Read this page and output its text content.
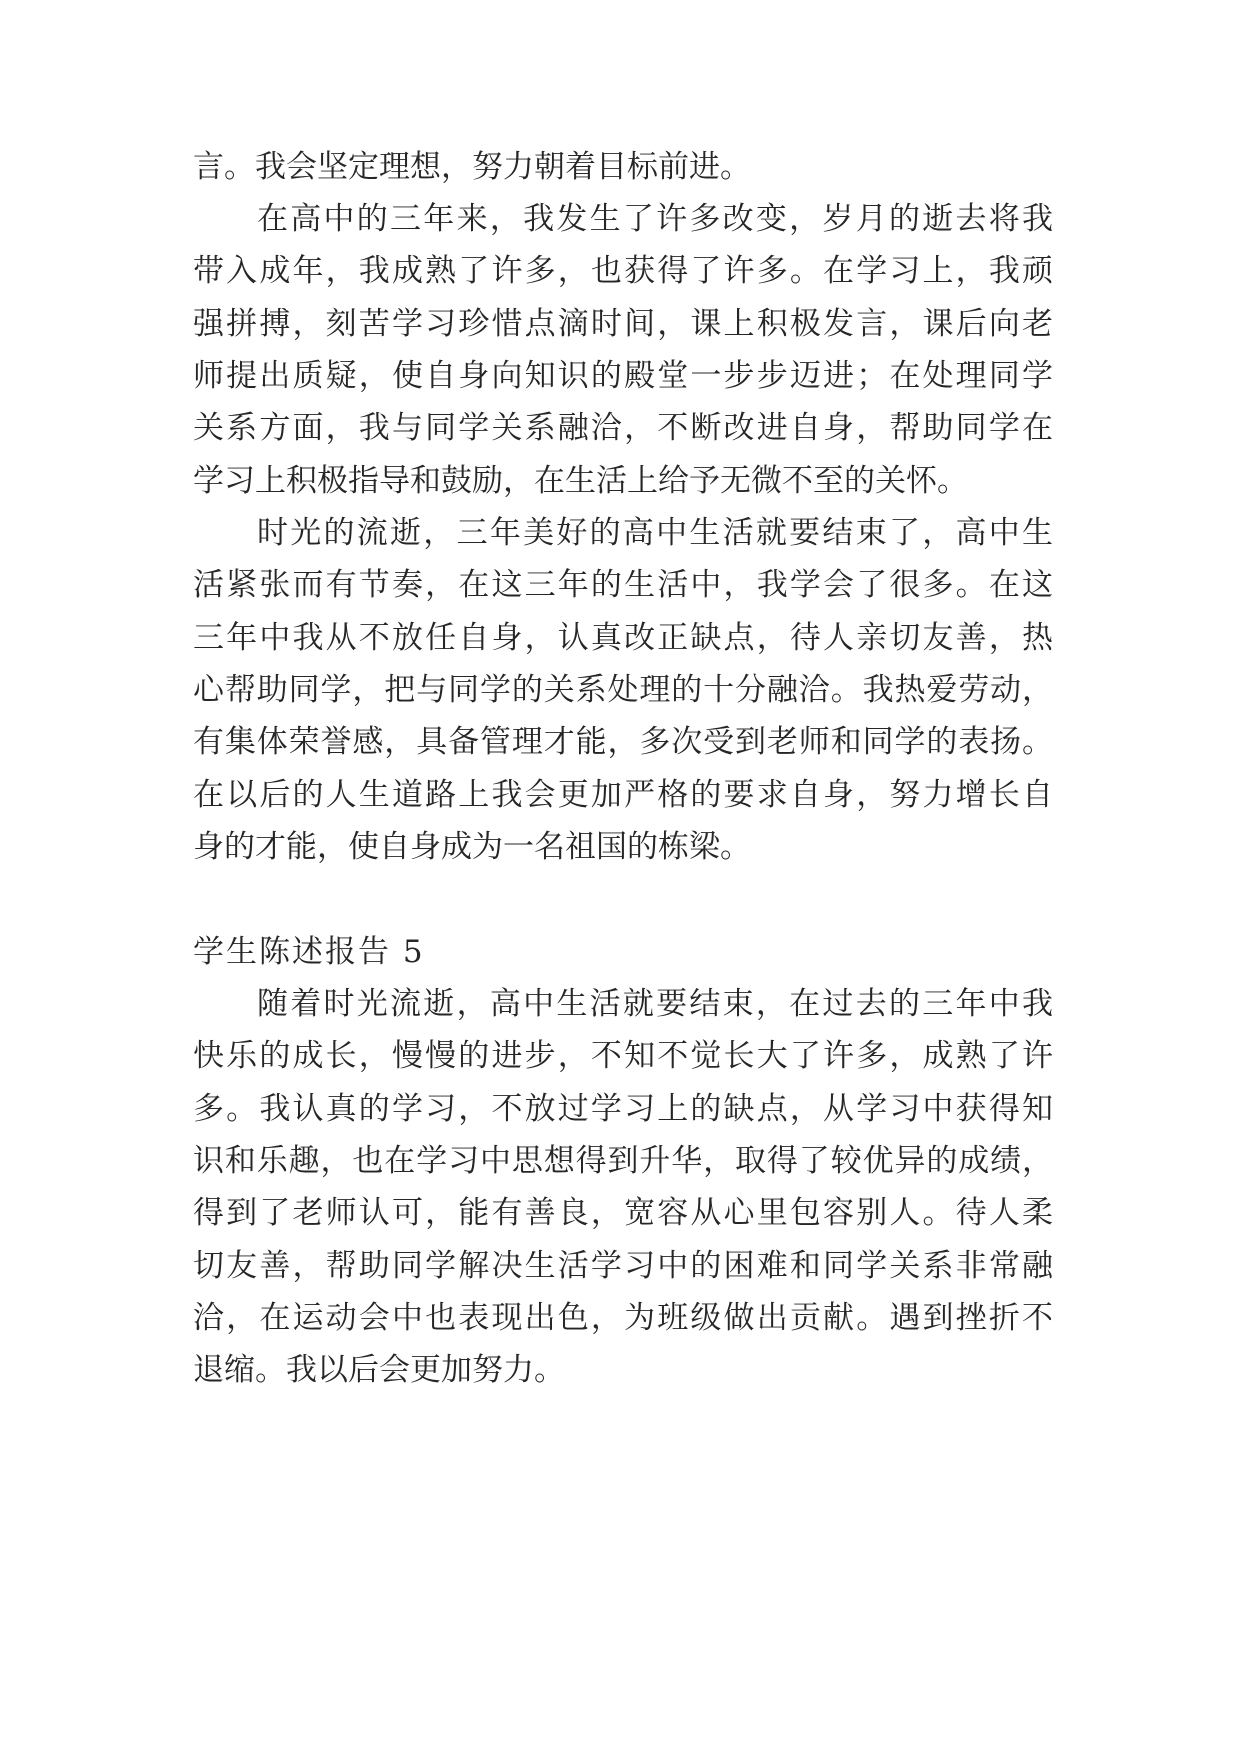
言。我会坚定理想，努力朝着目标前进。
在高中的三年来，我发生了许多改变，岁月的逝去将我
带入成年，我成熟了许多，也获得了许多。在学习上，我顽
强拼搏，刻苦学习珍惜点滴时间，课上积极发言，课后向老
师提出质疑，使自身向知识的殿堂一步步迈进；在处理同学
关系方面，我与同学关系融洽，不断改进自身，帮助同学在
学习上积极指导和鼓励，在生活上给予无微不至的关怀。
时光的流逝，三年美好的高中生活就要结束了，高中生
活紧张而有节奏，在这三年的生活中，我学会了很多。在这
三年中我从不放任自身，认真改正缺点，待人亲切友善，热
心帮助同学，把与同学的关系处理的十分融洽。我热爱劳动，
有集体荣誉感，具备管理才能，多次受到老师和同学的表扬。
在以后的人生道路上我会更加严格的要求自身，努力增长自
身的才能，使自身成为一名祖国的栋梁。
学生陈述报告 5
随着时光流逝，高中生活就要结束，在过去的三年中我
快乐的成长，慢慢的进步，不知不觉长大了许多，成熟了许
多。我认真的学习，不放过学习上的缺点，从学习中获得知
识和乐趣，也在学习中思想得到升华，取得了较优异的成绩，
得到了老师认可，能有善良，宽容从心里包容别人。待人柔
切友善，帮助同学解决生活学习中的困难和同学关系非常融
洽，在运动会中也表现出色，为班级做出贡献。遇到挫折不
退缩。我以后会更加努力。
